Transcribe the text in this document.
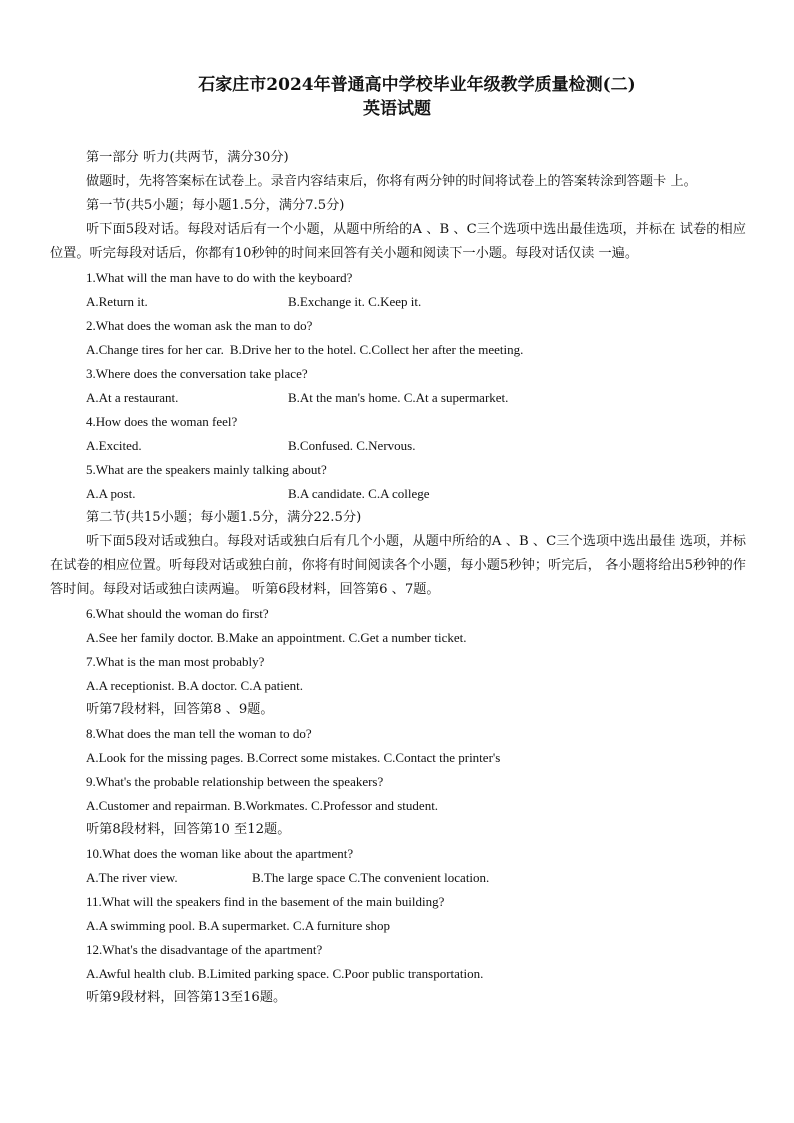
石家庄市2024年普通高中学校毕业年级教学质量检测(二)
英语试题
第一部分 听力(共两节，满分30分)
做题时，先将答案标在试卷上。录音内容结束后，你将有两分钟的时间将试卷上的答案转涂到答题卡 上。
第一节(共5小题；每小题1.5分，满分7.5分)
听下面5段对话。每段对话后有一个小题，从题中所给的A 、B 、C三个选项中选出最佳选项，并标在 试卷的相应位置。听完每段对话后，你都有10秒钟的时间来回答有关小题和阅读下一小题。每段对话仅读 一遍。
1.What will the man have to do with the keyboard?
A.Return it.	B.Exchange it. C.Keep it.
2.What does the woman ask the man to do?
A.Change tires for her car. B.Drive her to the hotel. C.Collect her after the meeting.
3.Where does the conversation take place?
A.At a restaurant.	B.At the man's home. C.At a supermarket.
4.How does the woman feel?
A.Excited.	B.Confused. C.Nervous.
5.What are the speakers mainly talking about?
A.A post.	B.A candidate. C.A college
第二节(共15小题；每小题1.5分，满分22.5分)
听下面5段对话或独白。每段对话或独白后有几个小题，从题中所给的A 、B 、C三个选项中选出最佳 选项，并标在试卷的相应位置。听每段对话或独白前，你将有时间阅读各个小题，每小题5秒钟；听完后， 各小题将给出5秒钟的作答时间。每段对话或独白读两遍。 听第6段材料，回答第6 、7题。
6.What should the woman do first?
A.See her family doctor. B.Make an appointment. C.Get a number ticket.
7.What is the man most probably?
A.A receptionist. B.A doctor. C.A patient.
听第7段材料，回答第8 、9题。
8.What does the man tell the woman to do?
A.Look for the missing pages. B.Correct some mistakes. C.Contact the printer's
9.What's the probable relationship between the speakers?
A.Customer and repairman. B.Workmates. C.Professor and student.
听第8段材料，回答第10 至12题。
10.What does the woman like about the apartment?
A.The river view.	B.The large space C.The convenient location.
11.What will the speakers find in the basement of the main building?
A.A swimming pool. B.A supermarket. C.A furniture shop
12.What's the disadvantage of the apartment?
A.Awful health club. B.Limited parking space. C.Poor public transportation.
听第9段材料，回答第13至16题。
